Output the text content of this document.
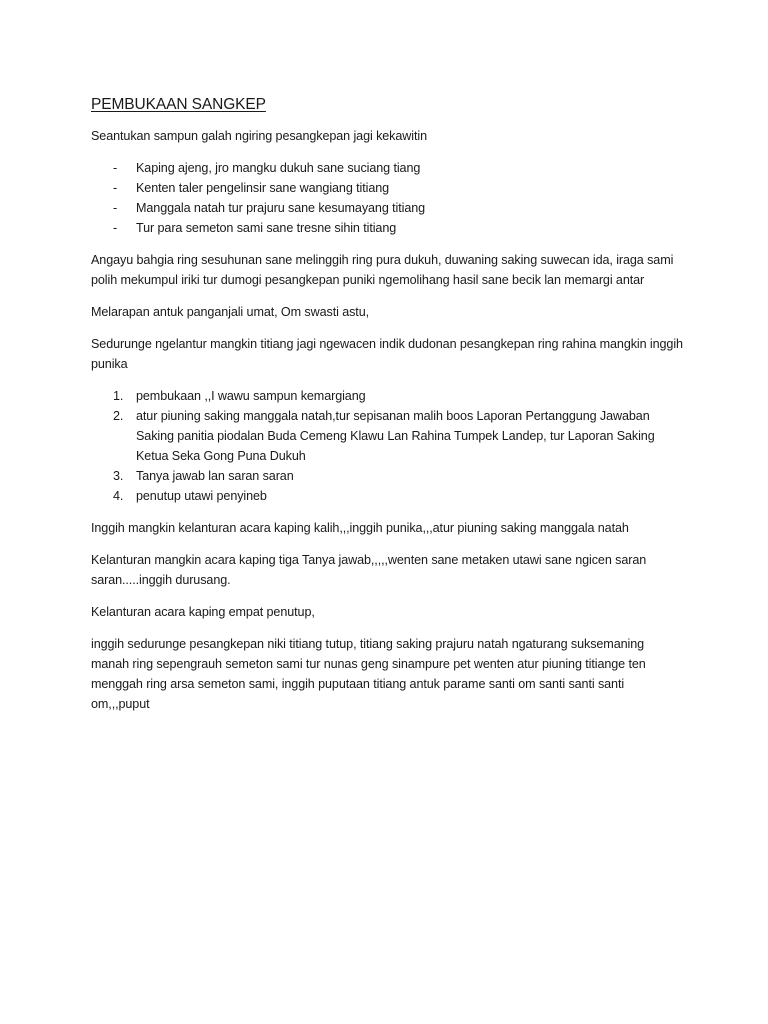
PEMBUKAAN SANGKEP

Seantukan sampun galah ngiring pesangkepan jagi kekawitin

- Kaping ajeng, jro mangku dukuh sane suciang tiang
- Kenten taler pengelinsir sane wangiang titiang
- Manggala natah tur prajuru sane kesumayang titiang
- Tur para semeton sami sane tresne sihin titiang

Angayu bahgia ring sesuhunan sane melinggih ring pura dukuh, duwaning saking suwecan ida, iraga sami polih mekumpul iriki tur dumogi pesangkepan puniki ngemolihang hasil sane becik lan memargi antar

Melarapan antuk panganjali umat, Om swasti astu,

Sedurunge ngelantur mangkin titiang jagi ngewacen indik dudonan pesangkepan ring rahina mangkin inggih punika

1. pembukaan ,,I wawu sampun kemargiang
2. atur piuning saking manggala natah,tur sepisanan malih boos Laporan Pertanggung Jawaban Saking panitia piodalan Buda Cemeng Klawu Lan Rahina Tumpek Landep, tur Laporan Saking Ketua Seka Gong Puna Dukuh
3. Tanya jawab lan saran saran
4. penutup utawi penyineb

Inggih mangkin kelanturan acara kaping kalih,,,inggih punika,,,atur piuning saking manggala natah

Kelanturan mangkin acara kaping tiga Tanya jawab,,,,,wenten sane metaken utawi sane ngicen saran saran.....inggih durusang.

Kelanturan acara kaping empat penutup,

inggih sedurunge pesangkepan niki titiang tutup, titiang saking prajuru natah ngaturang suksemaning manah ring sepengrauh semeton sami tur nunas geng sinampure pet wenten atur piuning titiange ten menggah ring arsa semeton sami, inggih puputaan titiang antuk parame santi om santi santi santi om,,,puput
